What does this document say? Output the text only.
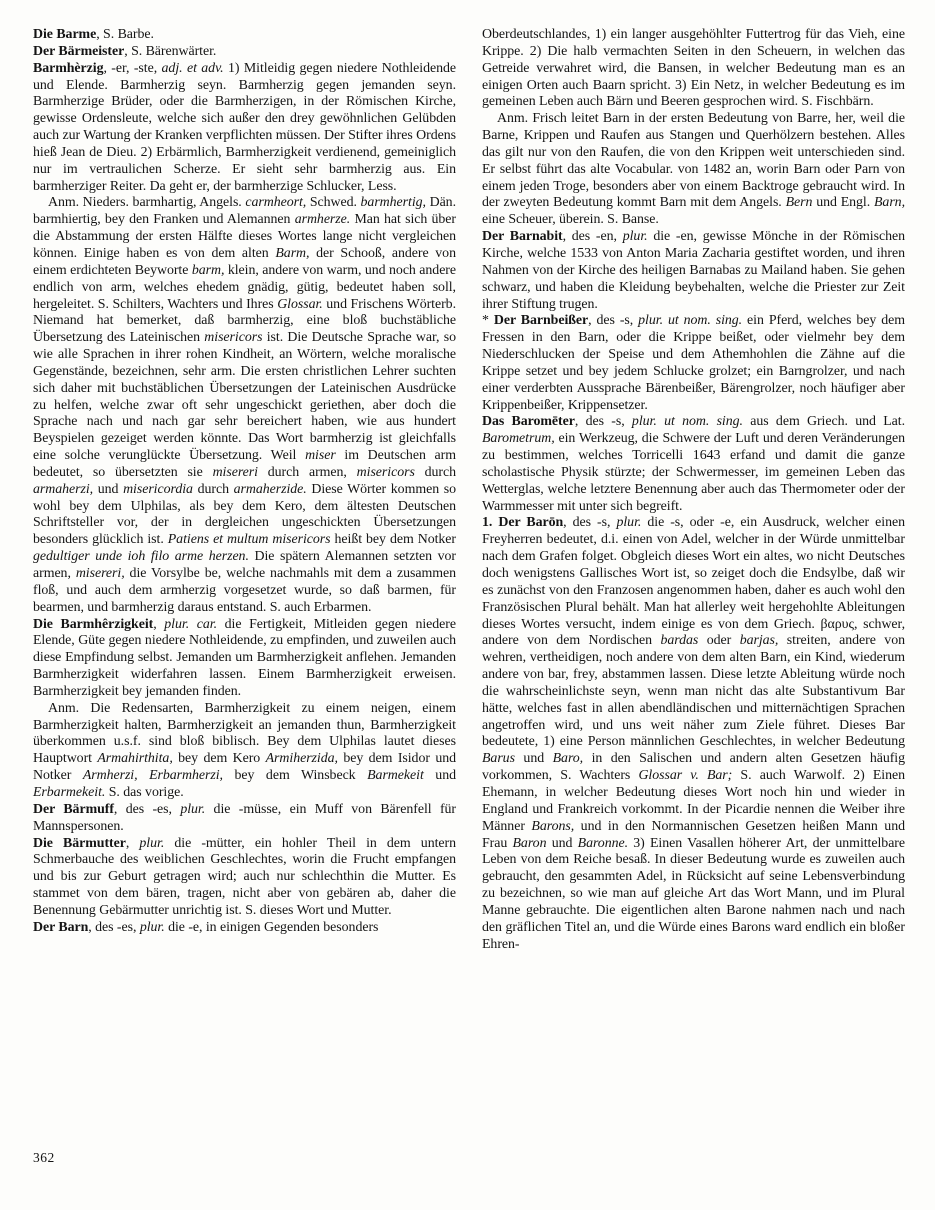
Die Barme, S. Barbe.

Der Bärmeister, S. Bärenwärter.

Barmhèrzig, -er, -ste, adj. et adv. 1) Mitleidig gegen niedere Nothleidende und Elende. Barmherzig seyn. Barmherzig gegen jemanden seyn. Barmherzige Brüder, oder die Barmherzigen, in der Römischen Kirche, gewisse Ordensleute, welche sich außer den drey gewöhnlichen Gelübden auch zur Wartung der Kranken verpflichten müssen. Der Stifter ihres Ordens hieß Jean de Dieu. 2) Erbärmlich, Barmherzigkeit verdienend, gemeiniglich nur im vertraulichen Scherze. Er sieht sehr barmherzig aus. Ein barmherziger Reiter. Da geht er, der barmherzige Schlucker, Less.

Anm. Nieders. barmhartig, Angels. carmheort, Schwed. barmhertig, Dän. barmhiertig, bey den Franken und Alemannen armherze. Man hat sich über die Abstammung der ersten Hälfte dieses Wortes lange nicht vergleichen können. Einige haben es von dem alten Barm, der Schooß, andere von einem erdichteten Beyworte barm, klein, andere von warm, und noch andere endlich von arm, welches ehedem gnädig, gütig, bedeutet haben soll, hergeleitet. S. Schilters, Wachters und Ihres Glossar. und Frischens Wörterb. Niemand hat bemerket, daß barmherzig, eine bloß buchstäbliche Übersetzung des Lateinischen misericors ist. Die Deutsche Sprache war, so wie alle Sprachen in ihrer rohen Kindheit, an Wörtern, welche moralische Gegenstände, bezeichnen, sehr arm. Die ersten christlichen Lehrer suchten sich daher mit buchstäblichen Übersetzungen der Lateinischen Ausdrücke zu helfen, welche zwar oft sehr ungeschickt geriethen, aber doch die Sprache nach und nach gar sehr bereichert haben, wie aus hundert Beyspielen gezeiget werden könnte. Das Wort barmherzig ist gleichfalls eine solche verunglückte Übersetzung. Weil miser im Deutschen arm bedeutet, so übersetzten sie misereri durch armen, misericors durch armaherzi, und misericordia durch armaherzide. Diese Wörter kommen so wohl bey dem Ulphilas, als bey dem Kero, dem ältesten Deutschen Schriftsteller vor, der in dergleichen ungeschickten Übersetzungen besonders glücklich ist. Patiens et multum misericors heißt bey dem Notker gedultiger unde ioh filo arme herzen. Die spätern Alemannen setzten vor armen, misereri, die Vorsylbe be, welche nachmahls mit dem a zusammen floß, und auch dem armherzig vorgesetzet wurde, so daß barmen, für bearmen, und barmherzig daraus entstand. S. auch Erbarmen.

Die Barmhêrzigkeit, plur. car. die Fertigkeit, Mitleiden gegen niedere Elende, Güte gegen niedere Nothleidende, zu empfinden, und zuweilen auch diese Empfindung selbst. Jemanden um Barmherzigkeit anflehen. Jemanden Barmherzigkeit widerfahren lassen. Einem Barmherzigkeit erweisen. Barmherzigkeit bey jemanden finden.

Anm. Die Redensarten, Barmherzigkeit zu einem neigen, einem Barmherzigkeit halten, Barmherzigkeit an jemanden thun, Barmherzigkeit überkommen u.s.f. sind bloß biblisch. Bey dem Ulphilas lautet dieses Hauptwort Armahirthita, bey dem Kero Armiherzida, bey dem Isidor und Notker Armherzi, Erbarmherzi, bey dem Winsbeck Barmekeit und Erbarmekeit. S. das vorige.

Der Bärmuff, des -es, plur. die -müsse, ein Muff von Bärenfell für Mannspersonen.

Die Bärmutter, plur. die -mütter, ein hohler Theil in dem untern Schmerbauche des weiblichen Geschlechtes, worin die Frucht empfangen und bis zur Geburt getragen wird; auch nur schlechthin die Mutter. Es stammet von dem bären, tragen, nicht aber von gebären ab, daher die Benennung Gebärmutter unrichtig ist. S. dieses Wort und Mutter.

Der Barn, des -es, plur. die -e, in einigen Gegenden besonders

Oberdeutschlandes, 1) ein langer ausgehöhlter Futtertrog für das Vieh, eine Krippe. 2) Die halb vermachten Seiten in den Scheuern, in welchen das Getreide verwahret wird, die Bansen, in welcher Bedeutung man es an einigen Orten auch Baarn spricht. 3) Ein Netz, in welcher Bedeutung es im gemeinen Leben auch Bärn und Beeren gesprochen wird. S. Fischbärn.

Anm. Frisch leitet Barn in der ersten Bedeutung von Barre, her, weil die Barne, Krippen und Raufen aus Stangen und Querhölzern bestehen. Alles das gilt nur von den Raufen, die von den Krippen weit unterschieden sind. Er selbst führt das alte Vocabular. von 1482 an, worin Barn oder Parn von einem jeden Troge, besonders aber von einem Backtroge gebraucht wird. In der zweyten Bedeutung kommt Barn mit dem Angels. Bern und Engl. Barn, eine Scheuer, überein. S. Banse.

Der Barnabit, des -en, plur. die -en, gewisse Mönche in der Römischen Kirche, welche 1533 von Anton Maria Zacharia gestiftet worden, und ihren Nahmen von der Kirche des heiligen Barnabas zu Mailand haben. Sie gehen schwarz, und haben die Kleidung beybehalten, welche die Priester zur Zeit ihrer Stiftung trugen.

* Der Barnbeißer, des -s, plur. ut nom. sing. ein Pferd, welches bey dem Fressen in den Barn, oder die Krippe beißet, oder vielmehr bey dem Niederschlucken der Speise und dem Athemhohlen die Zähne auf die Krippe setzet und bey jedem Schlucke grolzet; ein Barngrolzer, und nach einer verderbten Aussprache Bärenbeißer, Bärengrolzer, noch häufiger aber Krippenbeißer, Krippensetzer.

Das Baromēter, des -s, plur. ut nom. sing. aus dem Griech. und Lat. Barometrum, ein Werkzeug, die Schwere der Luft und deren Veränderungen zu bestimmen, welches Torricelli 1643 erfand und damit die ganze scholastische Physik stürzte; der Schwermesser, im gemeinen Leben das Wetterglas, welche letztere Benennung aber auch das Thermometer oder der Warmmesser mit unter sich begreift.

1. Der Barōn, des -s, plur. die -s, oder -e, ein Ausdruck, welcher einen Freyherren bedeutet, d.i. einen von Adel, welcher in der Würde unmittelbar nach dem Grafen folget. Obgleich dieses Wort ein altes, wo nicht Deutsches doch wenigstens Gallisches Wort ist, so zeiget doch die Endsylbe, daß wir es zunächst von den Franzosen angenommen haben, daher es auch wohl den Französischen Plural behält. Man hat allerley weit hergehohlte Ableitungen dieses Wortes versucht, indem einige es von dem Griech. βαρυς, schwer, andere von dem Nordischen bardas oder barjas, streiten, andere von wehren, vertheidigen, noch andere von dem alten Barn, ein Kind, wiederum andere von bar, frey, abstammen lassen. Diese letzte Ableitung würde noch die wahrscheinlichste seyn, wenn man nicht das alte Substantivum Bar hätte, welches fast in allen abendländischen und mitternächtigen Sprachen angetroffen wird, und uns weit näher zum Ziele führet. Dieses Bar bedeutete, 1) eine Person männlichen Geschlechtes, in welcher Bedeutung Barus und Baro, in den Salischen und andern alten Gesetzen häufig vorkommen, S. Wachters Glossar v. Bar; S. auch Warwolf. 2) Einen Ehemann, in welcher Bedeutung dieses Wort noch hin und wieder in England und Frankreich vorkommt. In der Picardie nennen die Weiber ihre Männer Barons, und in den Normannischen Gesetzen heißen Mann und Frau Baron und Baronne. 3) Einen Vasallen höherer Art, der unmittelbare Leben von dem Reiche besaß. In dieser Bedeutung wurde es zuweilen auch gebraucht, den gesammten Adel, in Rücksicht auf seine Lebensverbindung zu bezeichnen, so wie man auf gleiche Art das Wort Mann, und im Plural Manne gebrauchte. Die eigentlichen alten Barone nahmen nach und nach den gräflichen Titel an, und die Würde eines Barons ward endlich ein bloßer Ehren-

362
